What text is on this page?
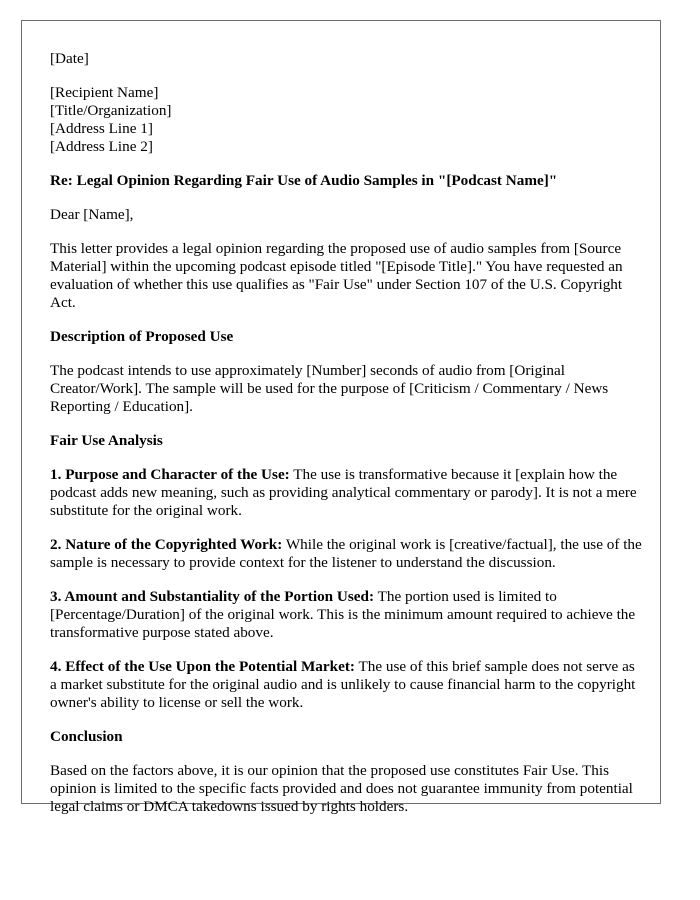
[Date]

[Recipient Name]
[Title/Organization]
[Address Line 1]
[Address Line 2]

Re: Legal Opinion Regarding Fair Use of Audio Samples in "[Podcast Name]"

Dear [Name],

This letter provides a legal opinion regarding the proposed use of audio samples from [Source Material] within the upcoming podcast episode titled "[Episode Title]." You have requested an evaluation of whether this use qualifies as "Fair Use" under Section 107 of the U.S. Copyright Act.

Description of Proposed Use

The podcast intends to use approximately [Number] seconds of audio from [Original Creator/Work]. The sample will be used for the purpose of [Criticism / Commentary / News Reporting / Education].

Fair Use Analysis

1. Purpose and Character of the Use: The use is transformative because it [explain how the podcast adds new meaning, such as providing analytical commentary or parody]. It is not a mere substitute for the original work.

2. Nature of the Copyrighted Work: While the original work is [creative/factual], the use of the sample is necessary to provide context for the listener to understand the discussion.

3. Amount and Substantiality of the Portion Used: The portion used is limited to [Percentage/Duration] of the original work. This is the minimum amount required to achieve the transformative purpose stated above.

4. Effect of the Use Upon the Potential Market: The use of this brief sample does not serve as a market substitute for the original audio and is unlikely to cause financial harm to the copyright owner's ability to license or sell the work.

Conclusion

Based on the factors above, it is our opinion that the proposed use constitutes Fair Use. This opinion is limited to the specific facts provided and does not guarantee immunity from potential legal claims or DMCA takedowns issued by rights holders.
